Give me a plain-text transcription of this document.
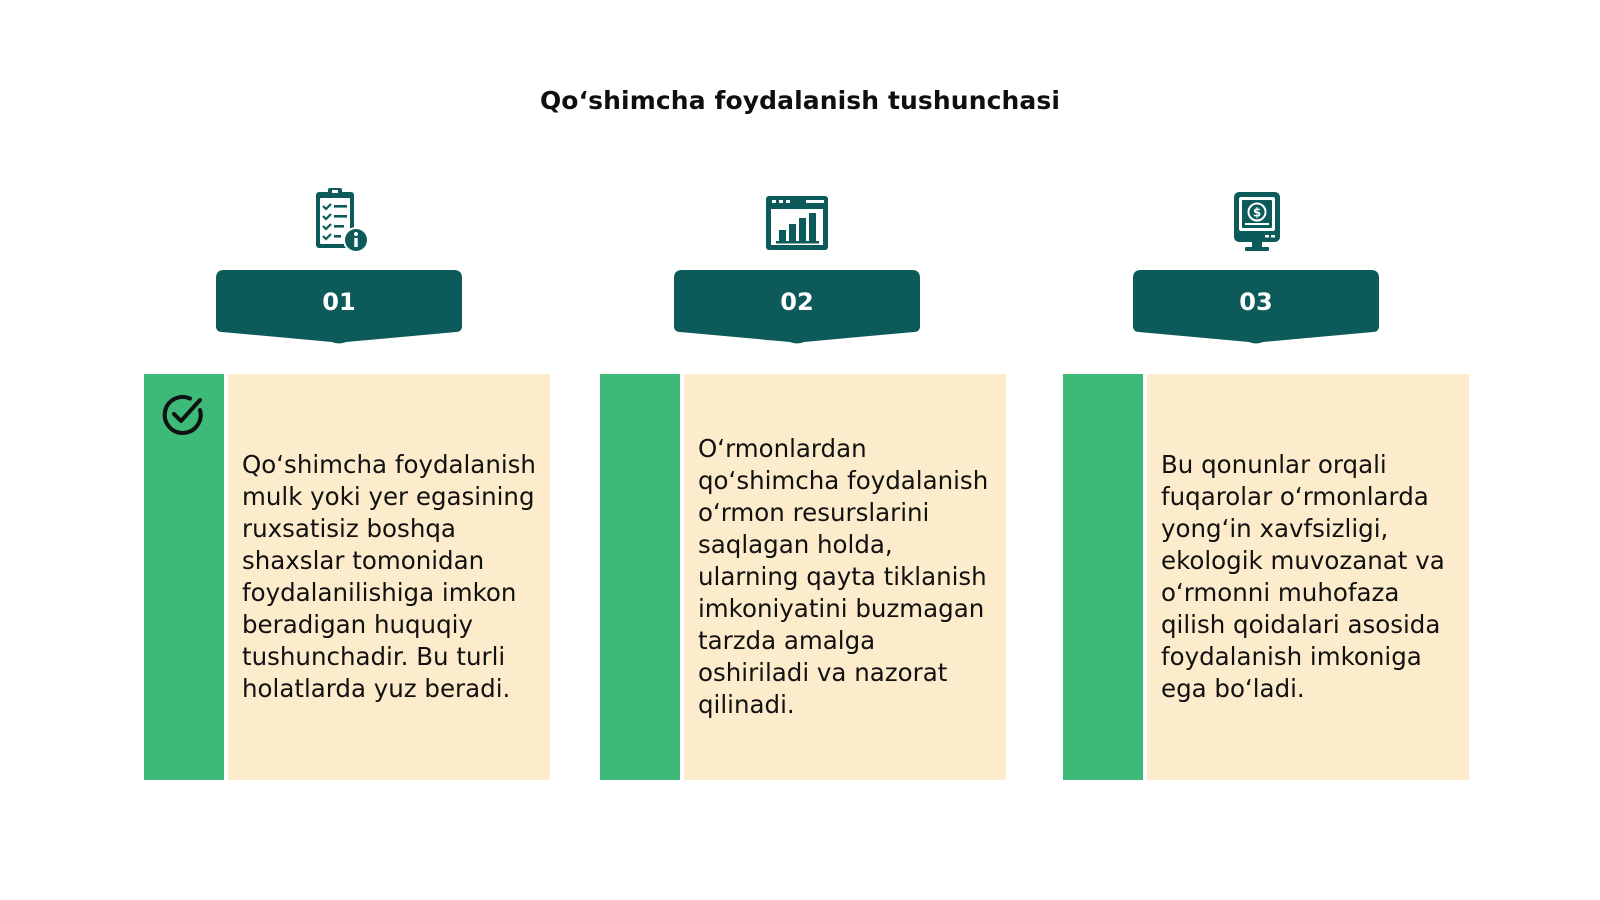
Qo‘shimcha foydalanish tushunchasi
01	02
$
03
Qo‘shimcha foydalanish mulk yoki yer egasining ruxsatisiz boshqa shaxslar tomonidan foydalanilishiga imkon beradigan huquqiy tushunchadir. Bu turli holatlarda yuz beradi.
O‘rmonlardan qo‘shimcha foydalanish o‘rmon resurslarini saqlagan holda, ularning qayta tiklanish imkoniyatini buzmagan tarzda amalga oshiriladi va nazorat qilinadi.
Bu qonunlar orqali fuqarolar o‘rmonlarda yong‘in xavfsizligi, ekologik muvozanat va o‘rmonni muhofaza qilish qoidalari asosida foydalanish imkoniga ega bo‘ladi.
